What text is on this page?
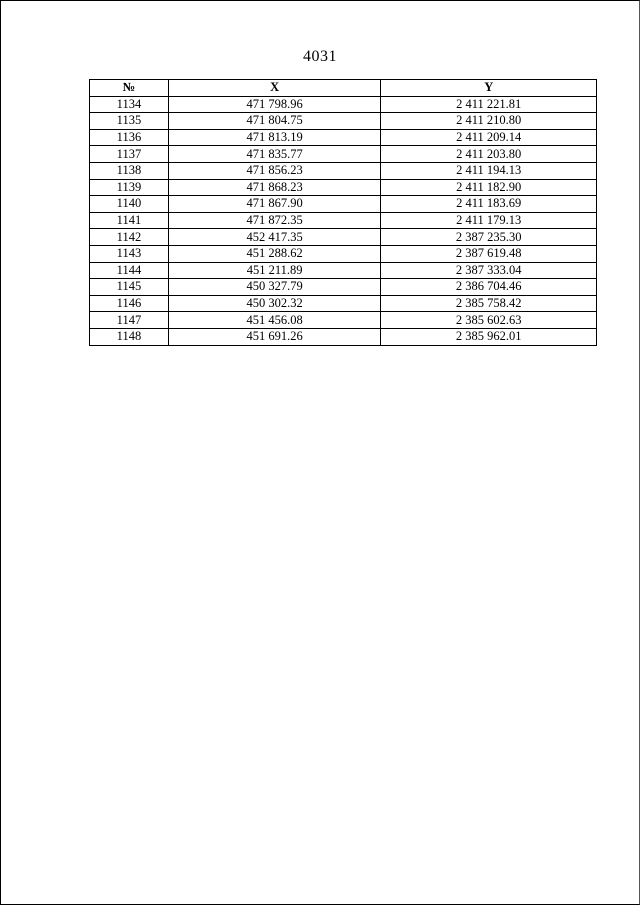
4031
№	X	Y
1134	471 798.96	2 411 221.81
1135	471 804.75	2 411 210.80
1136	471 813.19	2 411 209.14
1137	471 835.77	2 411 203.80
1138	471 856.23	2 411 194.13
1139	471 868.23	2 411 182.90
1140	471 867.90	2 411 183.69
1141	471 872.35	2 411 179.13
1142	452 417.35	2 387 235.30
1143	451 288.62	2 387 619.48
1144	451 211.89	2 387 333.04
1145	450 327.79	2 386 704.46
1146	450 302.32	2 385 758.42
1147	451 456.08	2 385 602.63
1148	451 691.26	2 385 962.01
